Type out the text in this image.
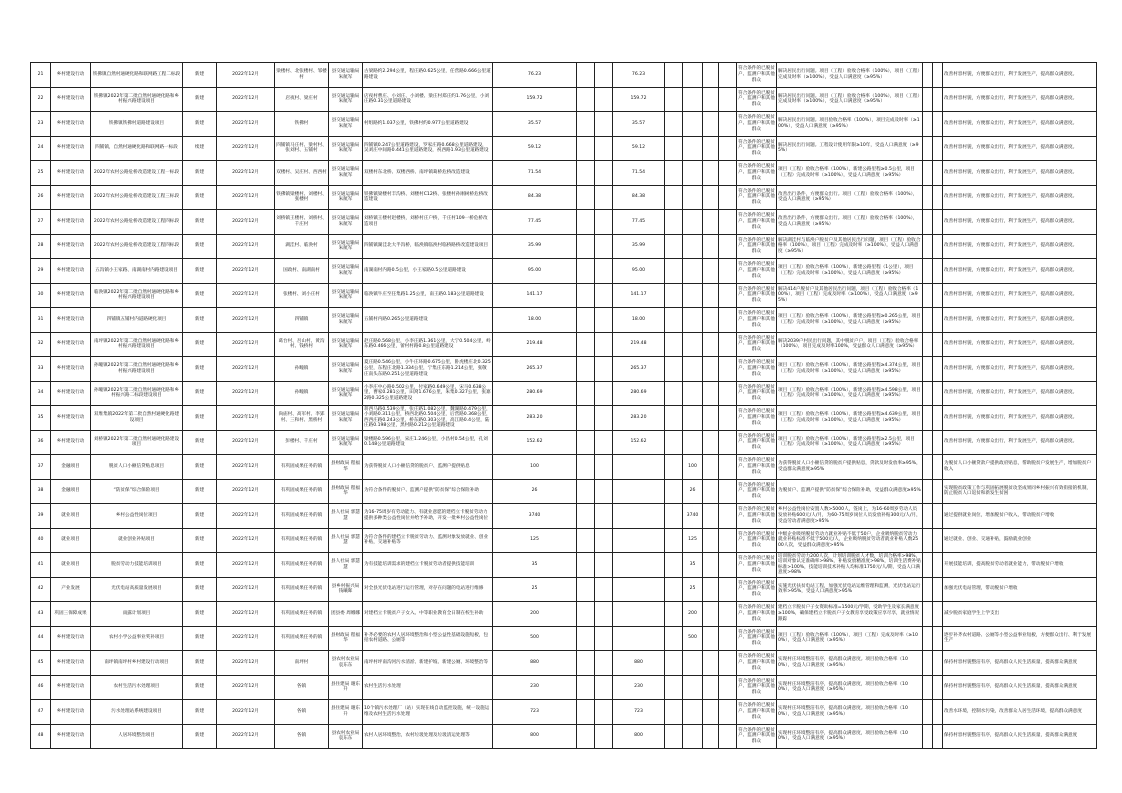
21	乡村建设行动	铁佛镇自然村通硬化路和联网路工程二标段	新建	2022年12月	梁楼村、北张楼村、邹楼村	县交通运输局 朱航军	古梁路约2.294公里，程庄路0.625公里，任营路0.666公里道路建设	76.23			76.23					符合条件的已脱贫户、监测户和其他群众	解决居民出行问题。项目（工程）验收合格率（100%），项目（工程）完成及时率（≥100%），受益人口满意度（≥95%）			改善村容村貌，方便群众出行，利于发展生产，提高群众满意度。
22	乡村建设行动	铁佛镇2022年第二批自然村通硬化路和乡村振兴路建设项目	新建	2022年12月	店夜村、梁庄村	县交通运输局 朱航军	店夜村曹庄、小刘庄、小刘楼、梁庄村郑庄约1.76公里，小刘庄路0.31公里道路建设	159.72			159.72					符合条件的已脱贫户、监测户和其他群众	解决居民出行问题。项目（工程）验收合格率（100%），项目（工程）完成及时率（≥100%），受益人口满意度（≥95%）			改善村容村貌，方便群众出行，利于发展生产，提高群众满意度。
23	乡村建设行动	铁佛镇铁佛村道路建设项目	新建	2022年12月	铁佛村	县交通运输局 朱航军	村组路约1.037公里，铁佛村约0.977公里道路建设	35.57			35.57					符合条件的已脱贫户、监测户和其他群众	解决居民出行问题。项目验收合格率（100%），项目完成及时率（≥100%），受益人口满意度（≥95%）			改善村容村貌，方便群众出行，利于发展生产，提高群众满意度。
24	乡村建设行动	四铺镇，自然村通硬化路和联网路一标段	续建	2022年12月	四铺镇马庄村、梁村村、张刘村、五铺村	县交通运输局 朱航军	四铺镇0.247公里道路建设，罗家庄路0.668公里道路建设，吴刘庄中间路0.441公里道路建设，祝西路1.93公里道路建设	59.12			59.12					符合条件的已脱贫户、监测户和其他群众	解决居民出行问题。工程设计使用年限≥10年，受益人口满意度（≥95%）			改善村容村貌，方便群众出行，利于发展生产，提高群众满意度。
25	乡村建设行动	2022年农村公路危桥改造建设工程一标段	新建	2022年12月	双楼村、吴庄村、西西村	县交通运输局 朱航军	双楼村东北桥、双楼西桥、南坪镇葛桥危桥改造建设	71.54			71.54					符合条件的已脱贫户、监测户和其他群众	项目（工程）验收合格率（100%），新建公路里程≥0.5公里，项目（工程）完成及时率（≥100%），受益人口满意度（≥95%）			改善村容村貌，方便群众出行，利于发展生产，提高群众满意度。
26	乡村建设行动	2022年农村公路危桥改造建设工程三标段	新建	2022年12月	铁佛镇梁楼村、刘楼村、张楼村	县交通运输局 朱航军	铁佛镇梁楼村丰沟桥、刘楼村C12桥、张楼村孙刚树桥危桥改造建设	84.38			84.38					符合条件的已脱贫户、监测户和其他群众	改善出行条件，方便群众出行。项目（工程）验收合格率（100%），受益人口满意度（≥95%）			改善村容村貌，方便群众出行，利于发展生产，提高群众满意度。
27	乡村建设行动	2022年农村公路危桥改造建设工程四标段	新建	2022年12月	刘桥镇王楼村、刘桥村、千庄村	县交通运输局 朱航军	刘桥镇王楼村赵楼桥，刘桥村庄户桥，千庄村109一桥危桥改造项目	77.45			77.45					符合条件的已脱贫户、监测户和其他群众	改善出行条件，方便群众出行。项目（工程）验收合格率（100%），受益人口满意度（≥95%）			改善村容村貌，方便群众出行，利于发展生产，提高群众满意度。
28	乡村建设行动	2022年农村公路危桥改造建设工程四标段	新建	2022年12月	湖洼村、临涣村	县交通运输局 朱航军	四铺镇湖洼北大半沟桥，临涣镇临涣村临桥路桥改造建设项目	35.99			35.99					符合条件的已脱贫户、监测户和其他群众	解决湖洼村与临涣户脱贫户及其他居民出行问题，项目（工程）验收合格率（100%），项目（工程）完成及时率（≥100%），受益人口满意度（≥95%）			改善村容村貌，方便群众出行，利于发展生产，提高群众满意度。
29	乡村建设行动	五沟镇小王家路、南湖南村内路建设项目	新建	2022年12月	国政村、南湖南村	县交通运输局 朱航军	南湖南村内路0.5公里，小王家路0.5公里道路建设	95.00			95.00					符合条件的已脱贫户、监测户和其他群众	项目（工程）验收合格率（100%），新建公路里程（1公里），项目（工程）完成及时率（≥100%），受益人口满意度（≥95%）			改善村容村貌，方便群众出行，利于发展生产，提高群众满意度。
30	乡村建设行动	临涣镇2022年第二批自然村通硬化路和乡村振兴路建设项目	新建	2022年12月	张楼村、刘小庄村	县交通运输局 朱航军	临涣镇牛庄至任集路1.25公里，南王路0.183公里道路建设	141.17			141.17					符合条件的已脱贫户、监测户和其他群众	解决414户脱贫户及其他居民出行问题，项目（工程）验收合格率（100%），项目（工程）完成及时率（≥100%），受益人口满意度（≥95%）			改善村容村貌，方便群众出行，利于发展生产，提高群众满意度。
31	乡村建设行动	四铺镇五铺村内道路硬化项目	新建	2022年12月	四铺镇	县交通运输局 朱航军	五铺村内路0.265公里道路建设	18.00			18.00					符合条件的已脱贫户、监测户和其他群众	项目（工程）验收合格率（100%），新建公路里程≥0.265公里，项目（工程）完成及时率（≥100%），受益人口满意度（≥95%）			改善村容村貌，方便群众出行，利于发展生产，提高群众满意度。
32	乡村建设行动	南坪镇2022年第二批自然村通硬化路和乡村振兴路建设项目	新建	2022年12月	葛台村、吾山村、黄沟村、钱桥村	县交通运输局 朱航军	赵庄路0.568公里，小李庄路1.361公里，大宁0.504公里，岭东路0.466公里，蕾村村路0.8公里道路建设	219.48			219.48					符合条件的已脱贫户、监测户和其他群众	解决2039户村民出行问题，其中脱贫户户，项目（工程）验收合格率（100%），项目完成及时率100%，受益群众人口满意度（≥95%）			改善村容村貌，方便群众出行，利于发展生产，提高群众满意度。
33	乡村建设行动	孙疃镇2022年第二批自然村通硬化路和乡村振兴路建设项目	新建	2022年12月	孙疃镇	县交通运输局 朱航军	夏庄路0.546公里，小牛庄环路0.675公里，卧虎楼庄北0.325公里，东程庄北路1.334公里，宁集庄东路1.214公里，张敬庄南头东路0.251公里道路建设	265.37			265.37					符合条件的已脱贫户、监测户和其他群众	项目（工程）验收合格率（100%），新建公路里程≥4.374公里，项目（工程）完成及时率（≥100%），受益人口满意度（≥95%）			改善村容村貌，方便群众出行，利于发展生产，提高群众满意度。
34	乡村建设行动	孙疃镇2022年第二批自然村通硬化路和乡村振兴路二标段建设项目	新建	2022年12月	孙疃镇	县交通运输局 朱航军	小李庄中心路0.502公里，付家路0.649公里，宋马0.638公里，曹家0.281公里，田窝1.676公里，朱集0.327公里，张寨2路0.325公里道路建设	280.69			280.69					符合条件的已脱贫户、监测户和其他群众	项目（工程）验收合格率（100%），新建公路里程≥4.598公里，项目（工程）完成及时率（≥100%），受益人口满意度（≥95%）			改善村容村貌，方便群众出行，利于发展生产，提高群众满意度。
35	乡村建设行动	双堆集镇2022年第二批自然村通硬化路建设项目	新建	2022年12月	尚庙村、高军村、李郢村、三和村、黑桥村	县交通运输局 朱航军	蒋西马路0.539公里，张庄路1.082公里，魏湖路0.479公里，小刘路0.311公里，桥西北路0.504公里，后营路0.368公里，西西庄路0.243公里，桥东路0.303公里，高江路0.4公里，陆庄路0.198公里，黑村路0.212公里道路建设	283.20			283.20					符合条件的已脱贫户、监测户和其他群众	项目（工程）验收合格率（100%），新建公路里程≥4.639公里，项目（工程）完成及时率（≥100%），受益人口满意度（≥95%）			改善村容村貌，方便群众出行，利于发展生产，提高群众满意度。
36	乡村建设行动	刘桥镇2022年第二批自然村通硬化路建设项目	新建	2022年12月	彭楼村、千庄村	县交通运输局 朱航军	梁楼路0.596公里，宋庄1.246公里，小昌村0.54公里，孔刘0.148公里道路建设	152.62			152.62					符合条件的已脱贫户、监测户和其他群众	项目（工程）验收合格率（100%），新建公路里程≥2.5公里，项目（工程）完成及时率（≥100%），受益人口满意度（≥95%）			改善村容村貌，方便群众出行，利于发展生产，提高群众满意度。
37	金融项目	脱贫人口小额信贷贴息项目	新建	2022年12月	有巩固成果任务的镇	县财政局 程福华	为获得脱贫人口小额信贷的脱贫户、监测户提供贴息	100					100			符合条件的已脱贫户、监测户和其他群众	为获得脱贫人口小额信贷的脱贫户提供贴息，贷款及时发放率≥95%，受益群众满意度≥95%			为脱贫人口小额贷款户提供政府贴息，帮助脱贫户发展生产，增加脱贫户收入
38	金融项目	“防贫保”综合保险项目	新建	2022年12月	有巩固成果任务的镇	县财政局 程福华	为符合条件的脱贫户、监测户提供“防贫保”综合保险补助	26					26			符合条件的已脱贫户、监测户和其他群众	为脱贫户、监测户提供“防贫保”综合保险补助，受益群众满意度≥95%			实现脱贫政策工作与巩固拓展脱贫攻坚成果同乡村振兴有效衔接的机制，防止脱贫人口返贫和新发生贫困
39	就业项目	乡村公益性岗位项目	新建	2022年12月	有巩固成果任务的镇	县人社局 郭慧慧	为16-75周岁有劳动能力、有就业意愿的建档立卡脱贫劳动力提供多种类公益性岗位并给予补助，开发一批乡村公益性岗位	3740					3740			符合条件的已脱贫户、监测户和其他群众	乡村公益性岗位安置人数>5000人，签岗上，为16-60周岁劳动人员发放补贴600元/人/月，为60-75周岁岗位人员发放补贴300元/人/月，受益劳动者满意度>95%			通过提供就业岗位，增加脱贫户收入，带动脱贫户增收
40	就业项目	就业创业补贴项目	新建	2022年12月	有巩固成果任务的镇	县人社局 郭慧慧	为符合条件的建档立卡脱贫劳动力、监测对象发放就业、创业补贴，交通补贴等	125					125			符合条件的已脱贫户、监测户和其他群众	中级企业吸纳脱贫劳动力就业补贴不低于50户，企业吸纳脱贫劳动力就业补贴标准不低于500元/人，企业吸纳脱贫劳动者就业补贴人数2500人次，受益群众满意度>95%			通过就业、创业、交通补贴，鼓励就业创业
41	就业项目	脱贫劳动力技能培训项目	新建	2022年12月	有巩固成果任务的镇	县人社局 郭慧慧	为有技能培训需求的建档立卡脱贫劳动者提供技能培训	35					35			符合条件的已脱贫户、监测户和其他群众	培训脱贫劳动力200人次，计划培训脱贫人才数，培训合格率>98%，培训对象认定准确率>98%，补贴发放精准度>98%，培训生活费补贴标准>100%，技能培训技术补贴人均标准1750元/人/期，受益人口满意度>98%			开展技能培训，提高脱贫劳动者就业能力，带动脱贫户增收
42	产业发展	光伏电站高质量发展项目	新建	2022年12月	有巩固成果任务的镇	县乡村振兴局 钱曦晖	对全县光伏电站进行运行管理，对存在问题的电站进行维修	25					25			符合条件的已脱贫户、监测户和其他群众	实施光伏扶贫电站工程，加强光伏电站运维管理和监测，光伏电站运行效率>95%，受益人口满意度>95%			加强光伏电站管理，带动脱贫户增收
43	巩固三保障成果	雨露计划项目	新建	2022年12月	有巩固成果任务的镇	团县委 周娜娜	对建档立卡脱贫户子女入、中等职业教育全日制在校生补助	200					200			符合条件的已脱贫户、监测户和其他群众	建档立卡脱贫户子女资助标准=1500元/学期，受助学生及家长满意度≥100%，确保建档立卡脱贫户子女教育享受政策应享尽享，就业情况跟踪			减少脱贫家庭学生上学支出
44	乡村建设行动	农村小学公益事业奖补项目	新建	2022年12月	有巩固成果任务的镇	县财政局 程福华	补齐必要的农村人居环境整治和小型公益性基础设施短板，包括农村道路、公厕等	500					500			符合条件的已脱贫户、监测户和其他群众	项目（工程）验收合格率（100%），项目（工程）完成及时率（≥100%），受益人口满意度（≥95%）			逐步补齐农村道路、公厕等小型公益事业短板，方便群众出行、利于发展生产
45	乡村建设行动	南坪镇南坪村乡村建设行动项目	新建	2022年12月	南坪村	县农村农业局 袁东东	南坪村坪南沟河污水清淤、新建护坡、新建公厕、环境整治等	880			880					符合条件的已脱贫户、监测户和其他群众	实现村庄环境整洁有序，提高群众满意度。项目验收合格率（100%），受益人口满意度（≥95%）			保持村容村貌整洁有序，提高群众人民生活质量，提高群众满意度
46	乡村建设行动	农村生活污水处理项目	新建	2022年12月	各镇	县住建局 谢东升	农村生活污水处理	230			230					符合条件的已脱贫户、监测户和其他群众	实现村庄环境整洁有序，提高群众满意度，项目验收合格率（100%），受益人口满意度（≥95%）			保持村容村貌整洁有序，提高群众人民生活质量，提高群众满意度
47	乡村建设行动	污水处理站系统建设项目	新建	2022年12月	各镇	县住建局 谢东升	10个镇污水处理厂（站）实现在线自动监控设施，统一设施运维及农村生活污水处理	723			723					符合条件的已脱贫户、监测户和其他群众	实现村庄环境整洁有序，提高群众满意度。项目验收合格率（100%），受益人口满意度（≥95%）			改善水环境，控制水污染，改善群众人居生活环境，提高群众满意度
48	乡村建设行动	人居环境整治项目	新建	2022年12月	各镇	县农村农业局 袁东东	农村人居环境整治，农村垃圾处理及垃圾清运处理等	800			800					符合条件的已脱贫户、监测户和其他群众	实现村庄环境整洁有序，提高群众满意度，项目验收合格率（100%），受益人口满意度（≥95%）			保持村容村貌整洁有序，提高群众人民生活质量，提高群众满意度
